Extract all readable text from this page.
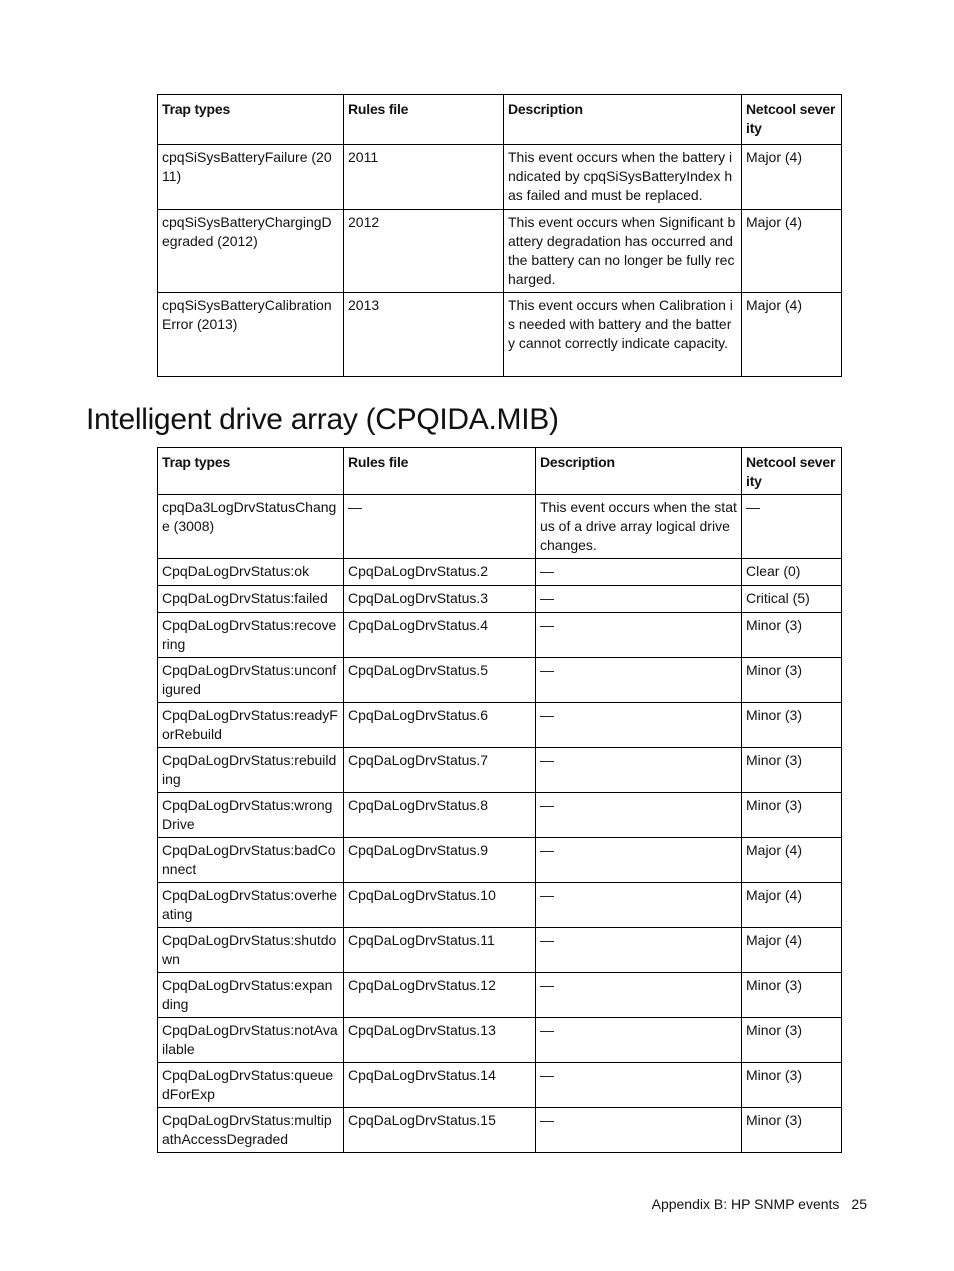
Trap types	Rules file	Description	Netcool severity
cpqSiSysBatteryFailure (2011)	2011	This event occurs when the battery indicated by cpqSiSysBatteryIndex has failed and must be replaced.	Major (4)
cpqSiSysBatteryChargingDegraded (2012)	2012	This event occurs when Significant battery degradation has occurred and the battery can no longer be fully recharged.	Major (4)
cpqSiSysBatteryCalibrationError (2013)	2013	This event occurs when Calibration is needed with battery and the battery cannot correctly indicate capacity.	Major (4)
Intelligent drive array (CPQIDA.MIB)
Trap types	Rules file	Description	Netcool severity
cpqDa3LogDrvStatusChange (3008)	—	This event occurs when the status of a drive array logical drive changes.	—
CpqDaLogDrvStatus:ok	CpqDaLogDrvStatus.2	—	Clear (0)
CpqDaLogDrvStatus:failed	CpqDaLogDrvStatus.3	—	Critical (5)
CpqDaLogDrvStatus:recovering	CpqDaLogDrvStatus.4	—	Minor (3)
CpqDaLogDrvStatus:unconfigured	CpqDaLogDrvStatus.5	—	Minor (3)
CpqDaLogDrvStatus:readyForRebuild	CpqDaLogDrvStatus.6	—	Minor (3)
CpqDaLogDrvStatus:rebuilding	CpqDaLogDrvStatus.7	—	Minor (3)
CpqDaLogDrvStatus:wrongDrive	CpqDaLogDrvStatus.8	—	Minor (3)
CpqDaLogDrvStatus:badConnect	CpqDaLogDrvStatus.9	—	Major (4)
CpqDaLogDrvStatus:overheating	CpqDaLogDrvStatus.10	—	Major (4)
CpqDaLogDrvStatus:shutdown	CpqDaLogDrvStatus.11	—	Major (4)
CpqDaLogDrvStatus:expanding	CpqDaLogDrvStatus.12	—	Minor (3)
CpqDaLogDrvStatus:notAvailable	CpqDaLogDrvStatus.13	—	Minor (3)
CpqDaLogDrvStatus:queuedForExp	CpqDaLogDrvStatus.14	—	Minor (3)
CpqDaLogDrvStatus:multipathAccessDegraded	CpqDaLogDrvStatus.15	—	Minor (3)
Appendix B: HP SNMP events 25
